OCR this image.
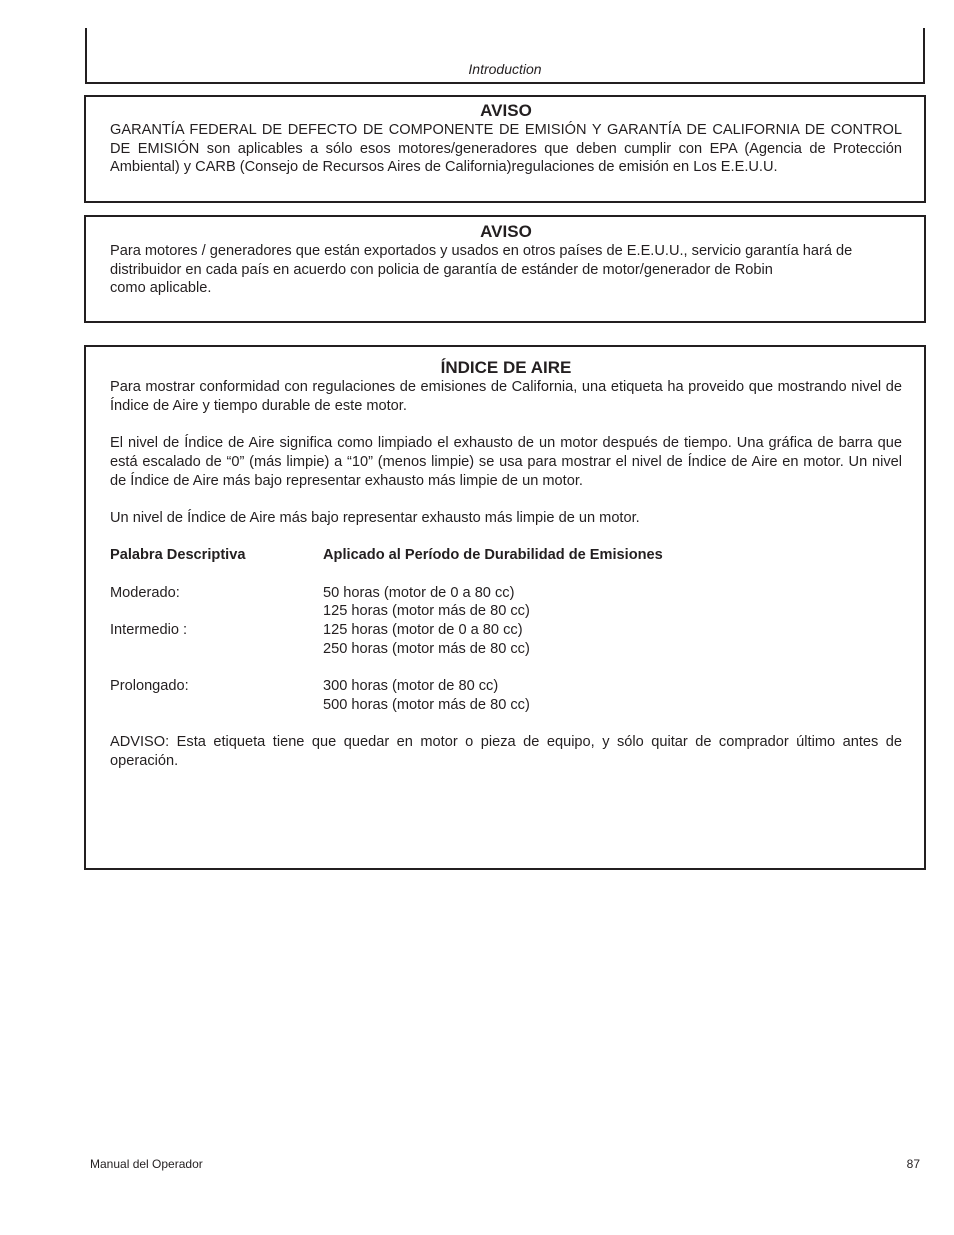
Introduction
AVISO

GARANTÍA FEDERAL DE DEFECTO DE COMPONENTE DE EMISIÓN Y GARANTÍA DE CALIFORNIA DE CONTROL DE EMISIÓN son aplicables a sólo esos motores/generadores que deben cumplir con EPA (Agencia de Protección Ambiental) y CARB (Consejo de Recursos Aires de California)regulaciones de emisión en Los E.E.U.U.

AVISO

Para motores / generadores que están exportados y usados en otros países de E.E.U.U., servicio garantía hará de distribuidor en cada país en acuerdo con policia de garantía de estánder de motor/generador de Robin
como aplicable.

ÍNDICE DE AIRE

Para mostrar conformidad con regulaciones de emisiones de California, una etiqueta ha proveido que mostrando nivel de Índice de Aire y tiempo durable de este motor.

El nivel de Índice de Aire significa como limpiado el exhausto de un motor después de tiempo. Una gráfica de barra que está escalado de “0” (más limpie) a “10” (menos limpie) se usa para mostrar el nivel de Índice de Aire en motor. Un nivel de Índice de Aire más bajo representar exhausto más limpie de un motor.

Un nivel de Índice de Aire más bajo representar exhausto más limpie de un motor.

Palabra Descriptiva	Aplicado al Período de Durabilidad de Emisiones
Moderado:	50 horas (motor de 0 a 80 cc)
125 horas (motor más de 80 cc)
Intermedio :	125 horas (motor de 0 a 80 cc)
250 horas (motor más de 80 cc)
Prolongado:	300 horas (motor de 80 cc)
500 horas (motor más de 80 cc)

ADVISO: Esta etiqueta tiene que quedar en motor o pieza de equipo, y sólo quitar de comprador último antes de operación.

Manual del Operador	87
